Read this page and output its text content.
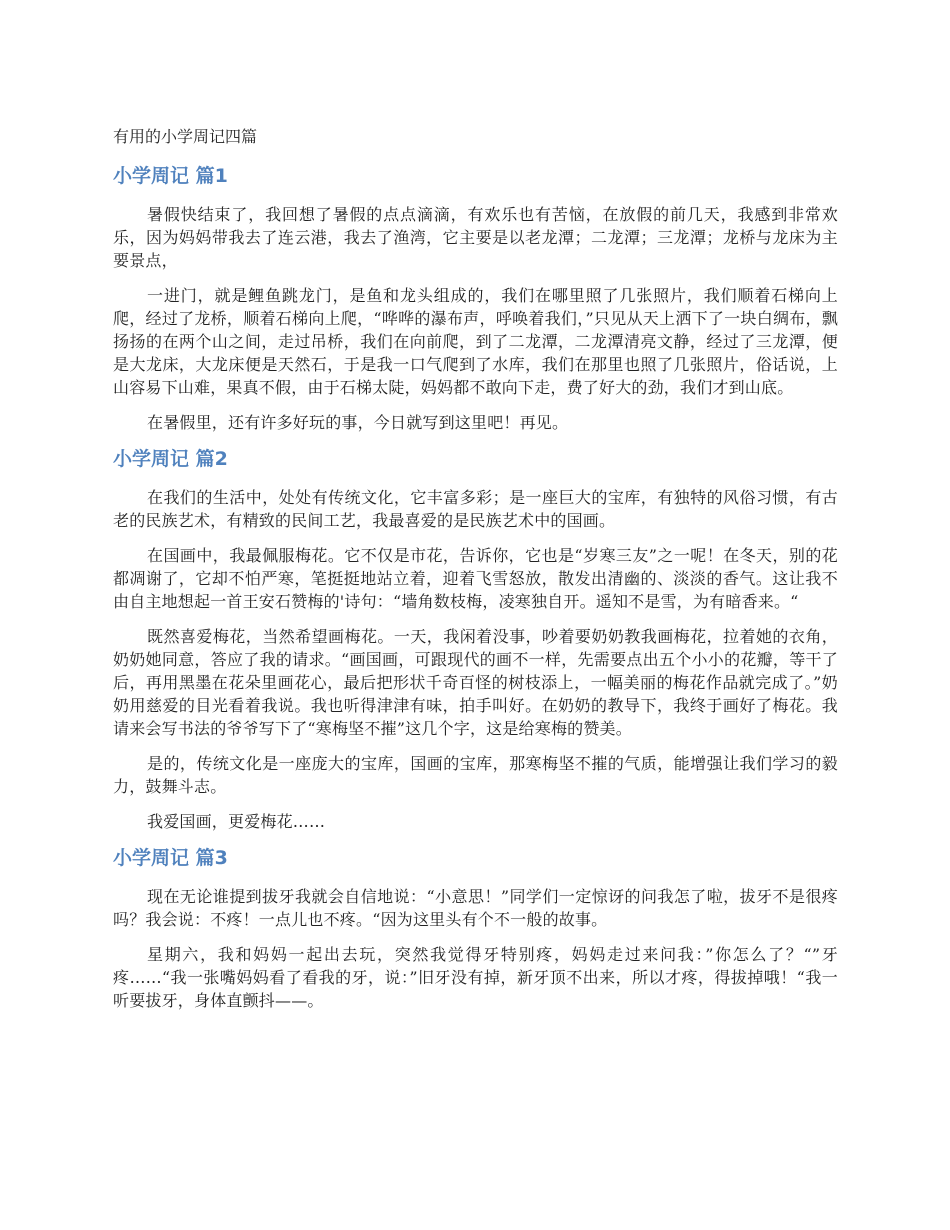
有用的小学周记四篇
小学周记 篇1

暑假快结束了，我回想了暑假的点点滴滴，有欢乐也有苦恼，在放假的前几天，我感到非常欢乐，因为妈妈带我去了连云港，我去了渔湾，它主要是以老龙潭；二龙潭；三龙潭；龙桥与龙床为主要景点，

一进门，就是鲤鱼跳龙门，是鱼和龙头组成的，我们在哪里照了几张照片，我们顺着石梯向上爬，经过了龙桥，顺着石梯向上爬，“哗哗的瀑布声，呼唤着我们，”只见从天上洒下了一块白绸布，飘扬扬的在两个山之间，走过吊桥，我们在向前爬，到了二龙潭，二龙潭清亮文静，经过了三龙潭，便是大龙床，大龙床便是天然石，于是我一口气爬到了水库，我们在那里也照了几张照片，俗话说，上山容易下山难，果真不假，由于石梯太陡，妈妈都不敢向下走，费了好大的劲，我们才到山底。

在暑假里，还有许多好玩的事，今日就写到这里吧！再见。

小学周记 篇2

在我们的生活中，处处有传统文化，它丰富多彩；是一座巨大的宝库，有独特的风俗习惯，有古老的民族艺术，有精致的民间工艺，我最喜爱的是民族艺术中的国画。

在国画中，我最佩服梅花。它不仅是市花，告诉你，它也是“岁寒三友”之一呢！在冬天，别的花都凋谢了，它却不怕严寒，笔挺挺地站立着，迎着飞雪怒放，散发出清幽的、淡淡的香气。这让我不由自主地想起一首王安石赞梅的'诗句：“墙角数枝梅，凌寒独自开。遥知不是雪，为有暗香来。“

既然喜爱梅花，当然希望画梅花。一天，我闲着没事，吵着要奶奶教我画梅花，拉着她的衣角，奶奶她同意，答应了我的请求。“画国画，可跟现代的画不一样，先需要点出五个小小的花瓣，等干了后，再用黑墨在花朵里画花心，最后把形状千奇百怪的树枝添上，一幅美丽的梅花作品就完成了。”奶奶用慈爱的目光看着我说。我也听得津津有味，拍手叫好。在奶奶的教导下，我终于画好了梅花。我请来会写书法的爷爷写下了“寒梅坚不摧”这几个字，这是给寒梅的赞美。

是的，传统文化是一座庞大的宝库，国画的宝库，那寒梅坚不摧的气质，能增强让我们学习的毅力，鼓舞斗志。

我爱国画，更爱梅花……

小学周记 篇3

现在无论谁提到拔牙我就会自信地说：“小意思！”同学们一定惊讶的问我怎了啦，拔牙不是很疼吗？我会说：不疼！一点儿也不疼。“因为这里头有个不一般的故事。

星期六，我和妈妈一起出去玩，突然我觉得牙特别疼，妈妈走过来问我：”你怎么了？“”牙疼……“我一张嘴妈妈看了看我的牙，说：”旧牙没有掉，新牙顶不出来，所以才疼，得拔掉哦！“我一听要拔牙，身体直颤抖——。
